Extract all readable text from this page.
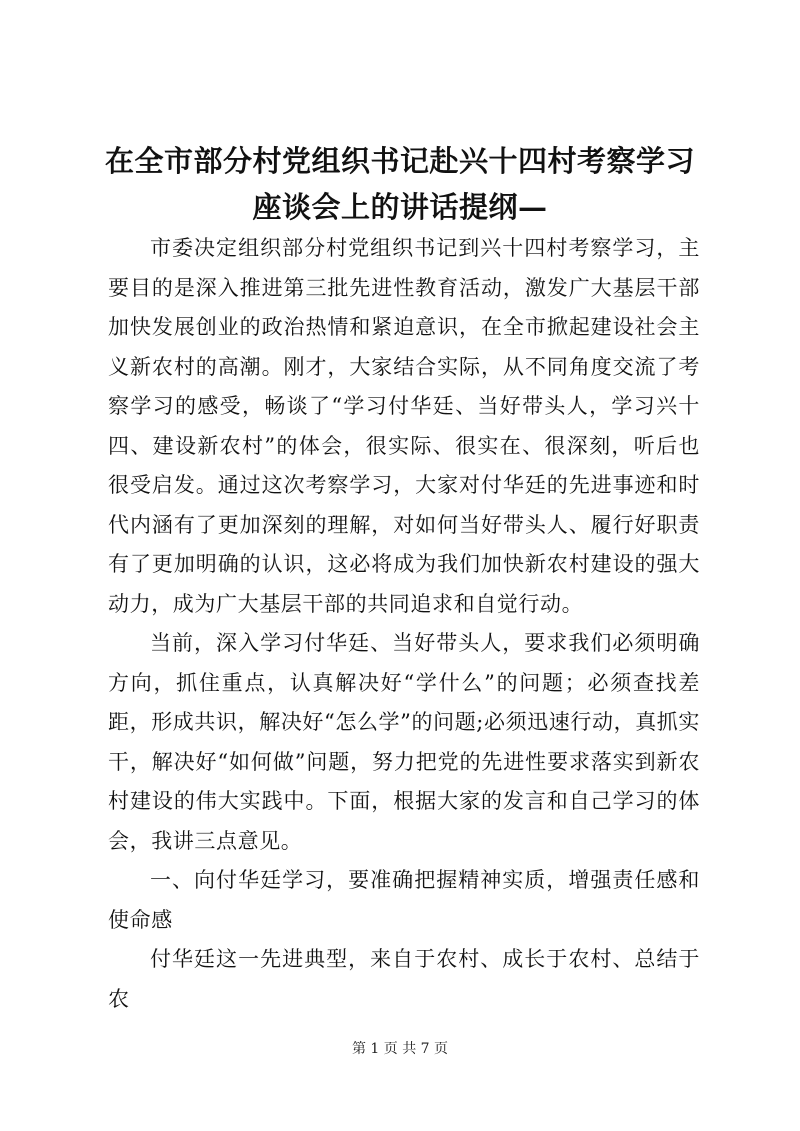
在全市部分村党组织书记赴兴十四村考察学习座谈会上的讲话提纲—

市委决定组织部分村党组织书记到兴十四村考察学习，主要目的是深入推进第三批先进性教育活动，激发广大基层干部加快发展创业的政治热情和紧迫意识，在全市掀起建设社会主义新农村的高潮。刚才，大家结合实际，从不同角度交流了考察学习的感受，畅谈了“学习付华廷、当好带头人，学习兴十四、建设新农村”的体会，很实际、很实在、很深刻，听后也很受启发。通过这次考察学习，大家对付华廷的先进事迹和时代内涵有了更加深刻的理解，对如何当好带头人、履行好职责有了更加明确的认识，这必将成为我们加快新农村建设的强大动力，成为广大基层干部的共同追求和自觉行动。

当前，深入学习付华廷、当好带头人，要求我们必须明确方向，抓住重点，认真解决好“学什么”的问题；必须查找差距，形成共识，解决好“怎么学”的问题;必须迅速行动，真抓实干，解决好“如何做”问题，努力把党的先进性要求落实到新农村建设的伟大实践中。下面，根据大家的发言和自己学习的体会，我讲三点意见。

一、向付华廷学习，要准确把握精神实质，增强责任感和使命感

付华廷这一先进典型，来自于农村、成长于农村、总结于农

第 1 页 共 7 页
